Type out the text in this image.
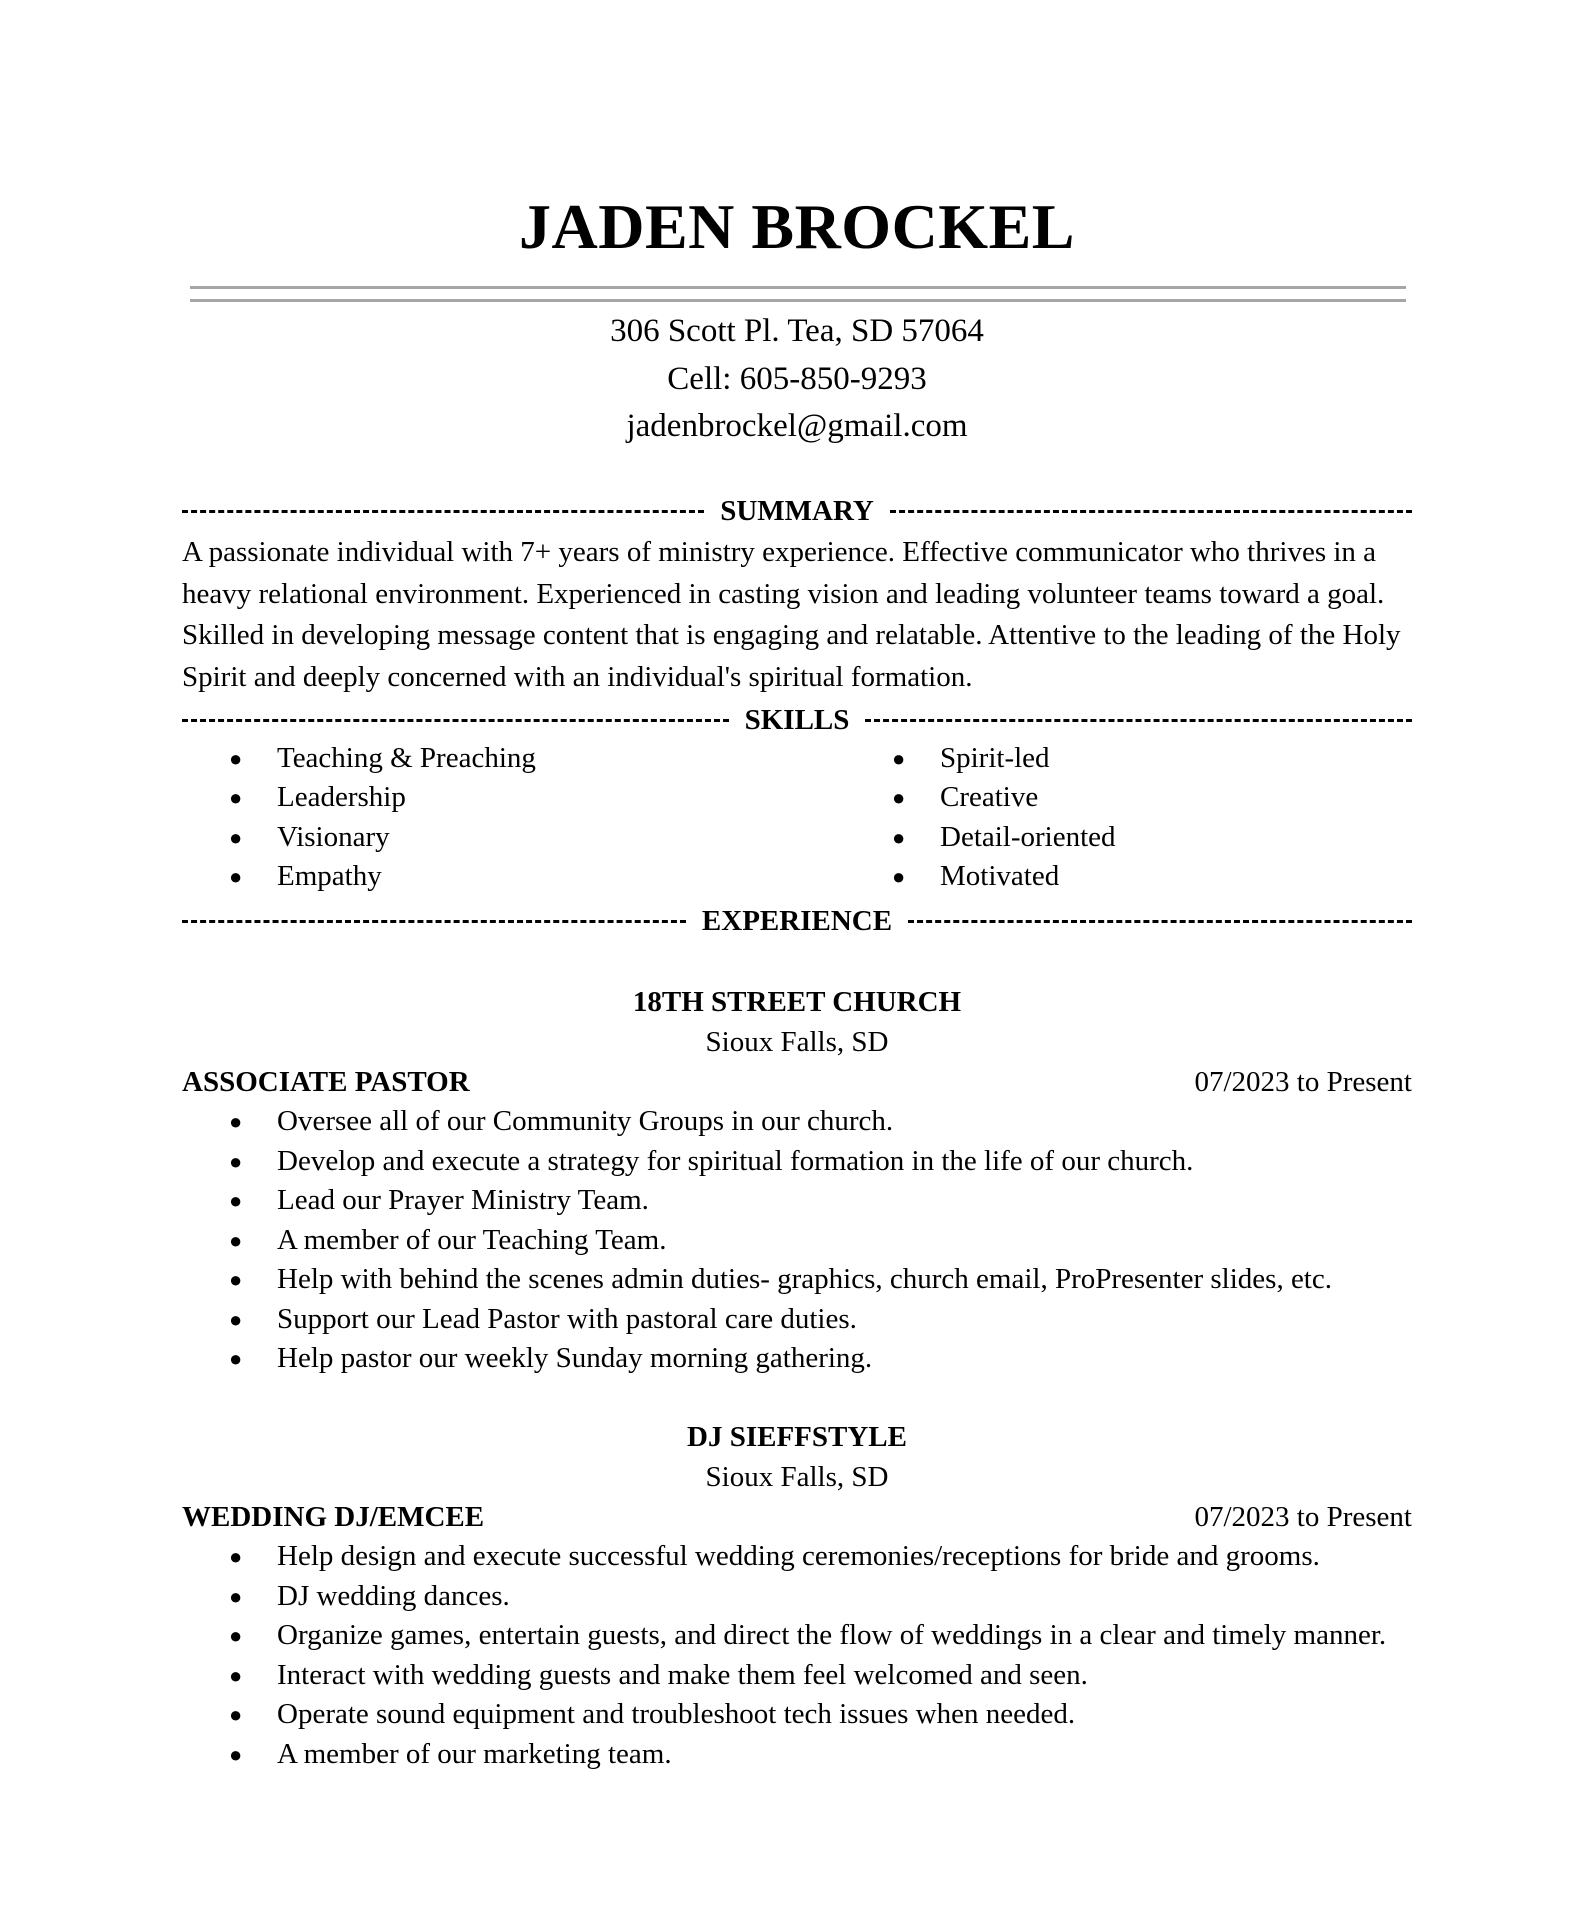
JADEN BROCKEL
306 Scott Pl. Tea, SD 57064
Cell: 605-850-9293
jadenbrockel@gmail.com
SUMMARY
A passionate individual with 7+ years of ministry experience. Effective communicator who thrives in a heavy relational environment. Experienced in casting vision and leading volunteer teams toward a goal. Skilled in developing message content that is engaging and relatable. Attentive to the leading of the Holy Spirit and deeply concerned with an individual's spiritual formation.
SKILLS
● Teaching & Preaching
● Leadership
● Visionary
● Empathy
● Spirit-led
● Creative
● Detail-oriented
● Motivated
EXPERIENCE
18TH STREET CHURCH
Sioux Falls, SD
ASSOCIATE PASTOR	07/2023 to Present
● Oversee all of our Community Groups in our church.
● Develop and execute a strategy for spiritual formation in the life of our church.
● Lead our Prayer Ministry Team.
● A member of our Teaching Team.
● Help with behind the scenes admin duties- graphics, church email, ProPresenter slides, etc.
● Support our Lead Pastor with pastoral care duties.
● Help pastor our weekly Sunday morning gathering.
DJ SIEFFSTYLE
Sioux Falls, SD
WEDDING DJ/EMCEE	07/2023 to Present
● Help design and execute successful wedding ceremonies/receptions for bride and grooms.
● DJ wedding dances.
● Organize games, entertain guests, and direct the flow of weddings in a clear and timely manner.
● Interact with wedding guests and make them feel welcomed and seen.
● Operate sound equipment and troubleshoot tech issues when needed.
● A member of our marketing team.
